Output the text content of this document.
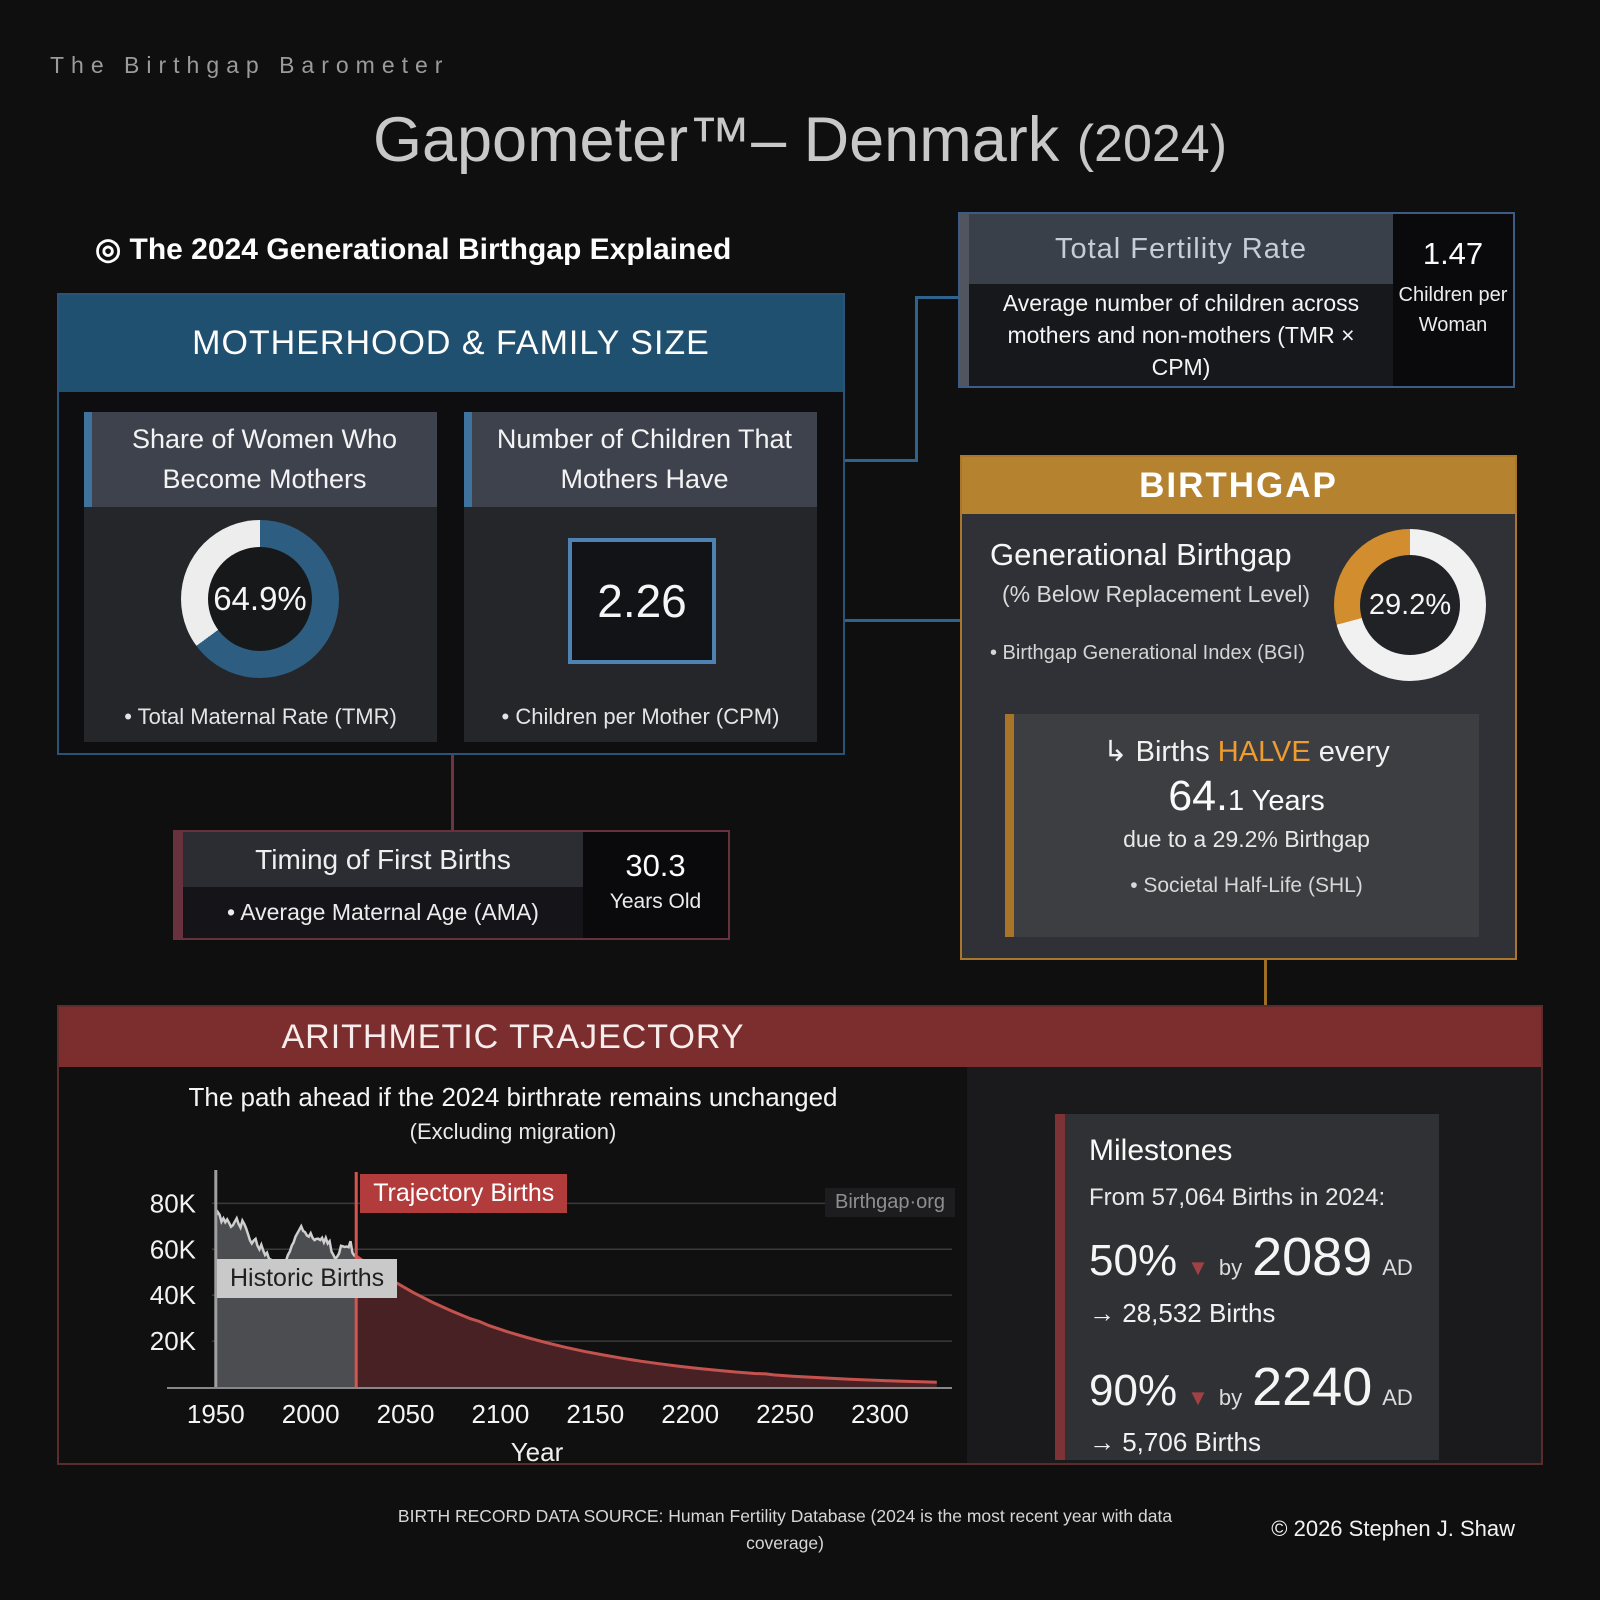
The Birthgap Barometer
Gapometer™– Denmark (2024)
◎ The 2024 Generational Birthgap Explained
MOTHERHOOD & FAMILY SIZE
Share of Women Who Become Mothers
64.9%
• Total Maternal Rate (TMR)
Number of Children That Mothers Have
2.26
• Children per Mother (CPM)
Total Fertility Rate
Average number of children across mothers and non-mothers (TMR × CPM)
1.47
Children per Woman
BIRTHGAP
Generational Birthgap
(% Below Replacement Level)
• Birthgap Generational Index (BGI)
29.2%
↳ Births HALVE every
64.1 Years
due to a 29.2% Birthgap
• Societal Half-Life (SHL)
Timing of First Births
• Average Maternal Age (AMA)
30.3
Years Old
ARITHMETIC TRAJECTORY
The path ahead if the 2024 birthrate remains unchanged
(Excluding migration)
20K
40K
60K
80K
1950 2000 2050 2100 2150 2200 2250 2300
Year
Birthgap·org
Trajectory Births
Historic Births
Milestones
From 57,064 Births in 2024:
50% ▼ by 2089 AD
→ 28,532 Births
90% ▼ by 2240 AD
→ 5,706 Births
BIRTH RECORD DATA SOURCE: Human Fertility Database (2024 is the most recent year with data
coverage)
© 2026 Stephen J. Shaw
